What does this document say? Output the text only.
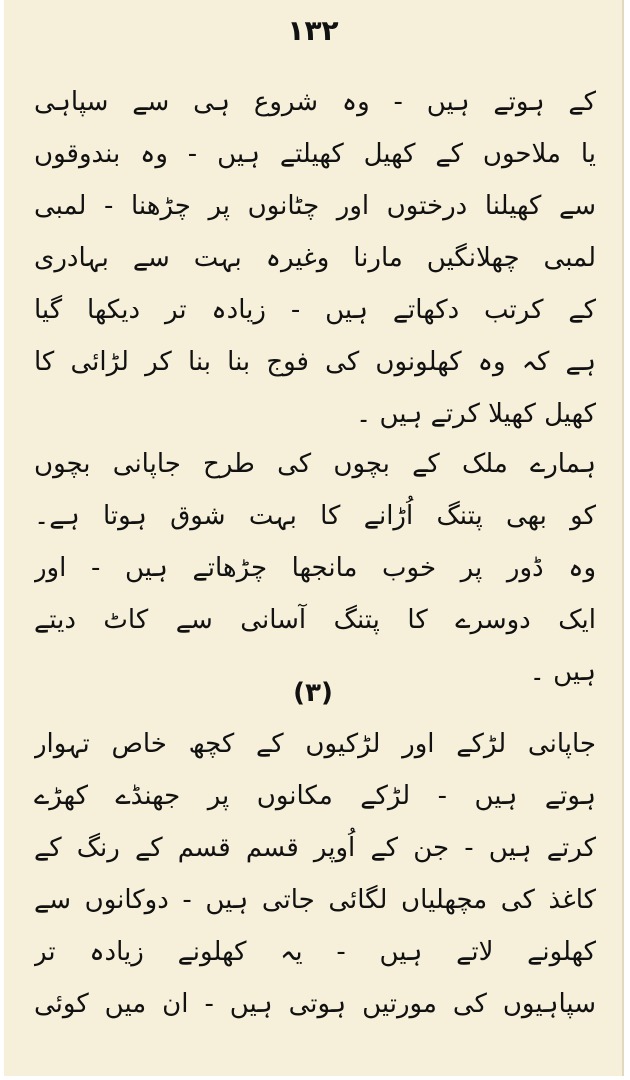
۱۳۲
کے ہوتے ہیں - وہ شروع ہی سے سپاہی
یا ملاحوں کے کھیل کھیلتے ہیں - وہ بندوقوں
سے کھیلنا درختوں اور چٹانوں پر چڑھنا - لمبی
لمبی چھلانگیں مارنا وغیرہ بہت سے بہادری
کے کرتب دکھاتے ہیں - زیادہ تر دیکھا گیا
ہے کہ وہ کھلونوں کی فوج بنا بنا کر لڑائی کا
کھیل کھیلا کرتے ہیں ۔
ہمارے ملک کے بچوں کی طرح جاپانی بچوں
کو بھی پتنگ اُڑانے کا بہت شوق ہوتا ہے۔
وہ ڈور پر خوب مانجھا چڑھاتے ہیں - اور
ایک دوسرے کا پتنگ آسانی سے کاٹ دیتے
ہیں ۔
(۳)
جاپانی لڑکے اور لڑکیوں کے کچھ خاص تہوار
ہوتے ہیں - لڑکے مکانوں پر جھنڈے کھڑے
کرتے ہیں - جن کے اُوپر قسم قسم کے رنگ کے
کاغذ کی مچھلیاں لگائی جاتی ہیں - دوکانوں سے
کھلونے لاتے ہیں - یہ کھلونے زیادہ تر
سپاہیوں کی مورتیں ہوتی ہیں - ان میں کوئی
